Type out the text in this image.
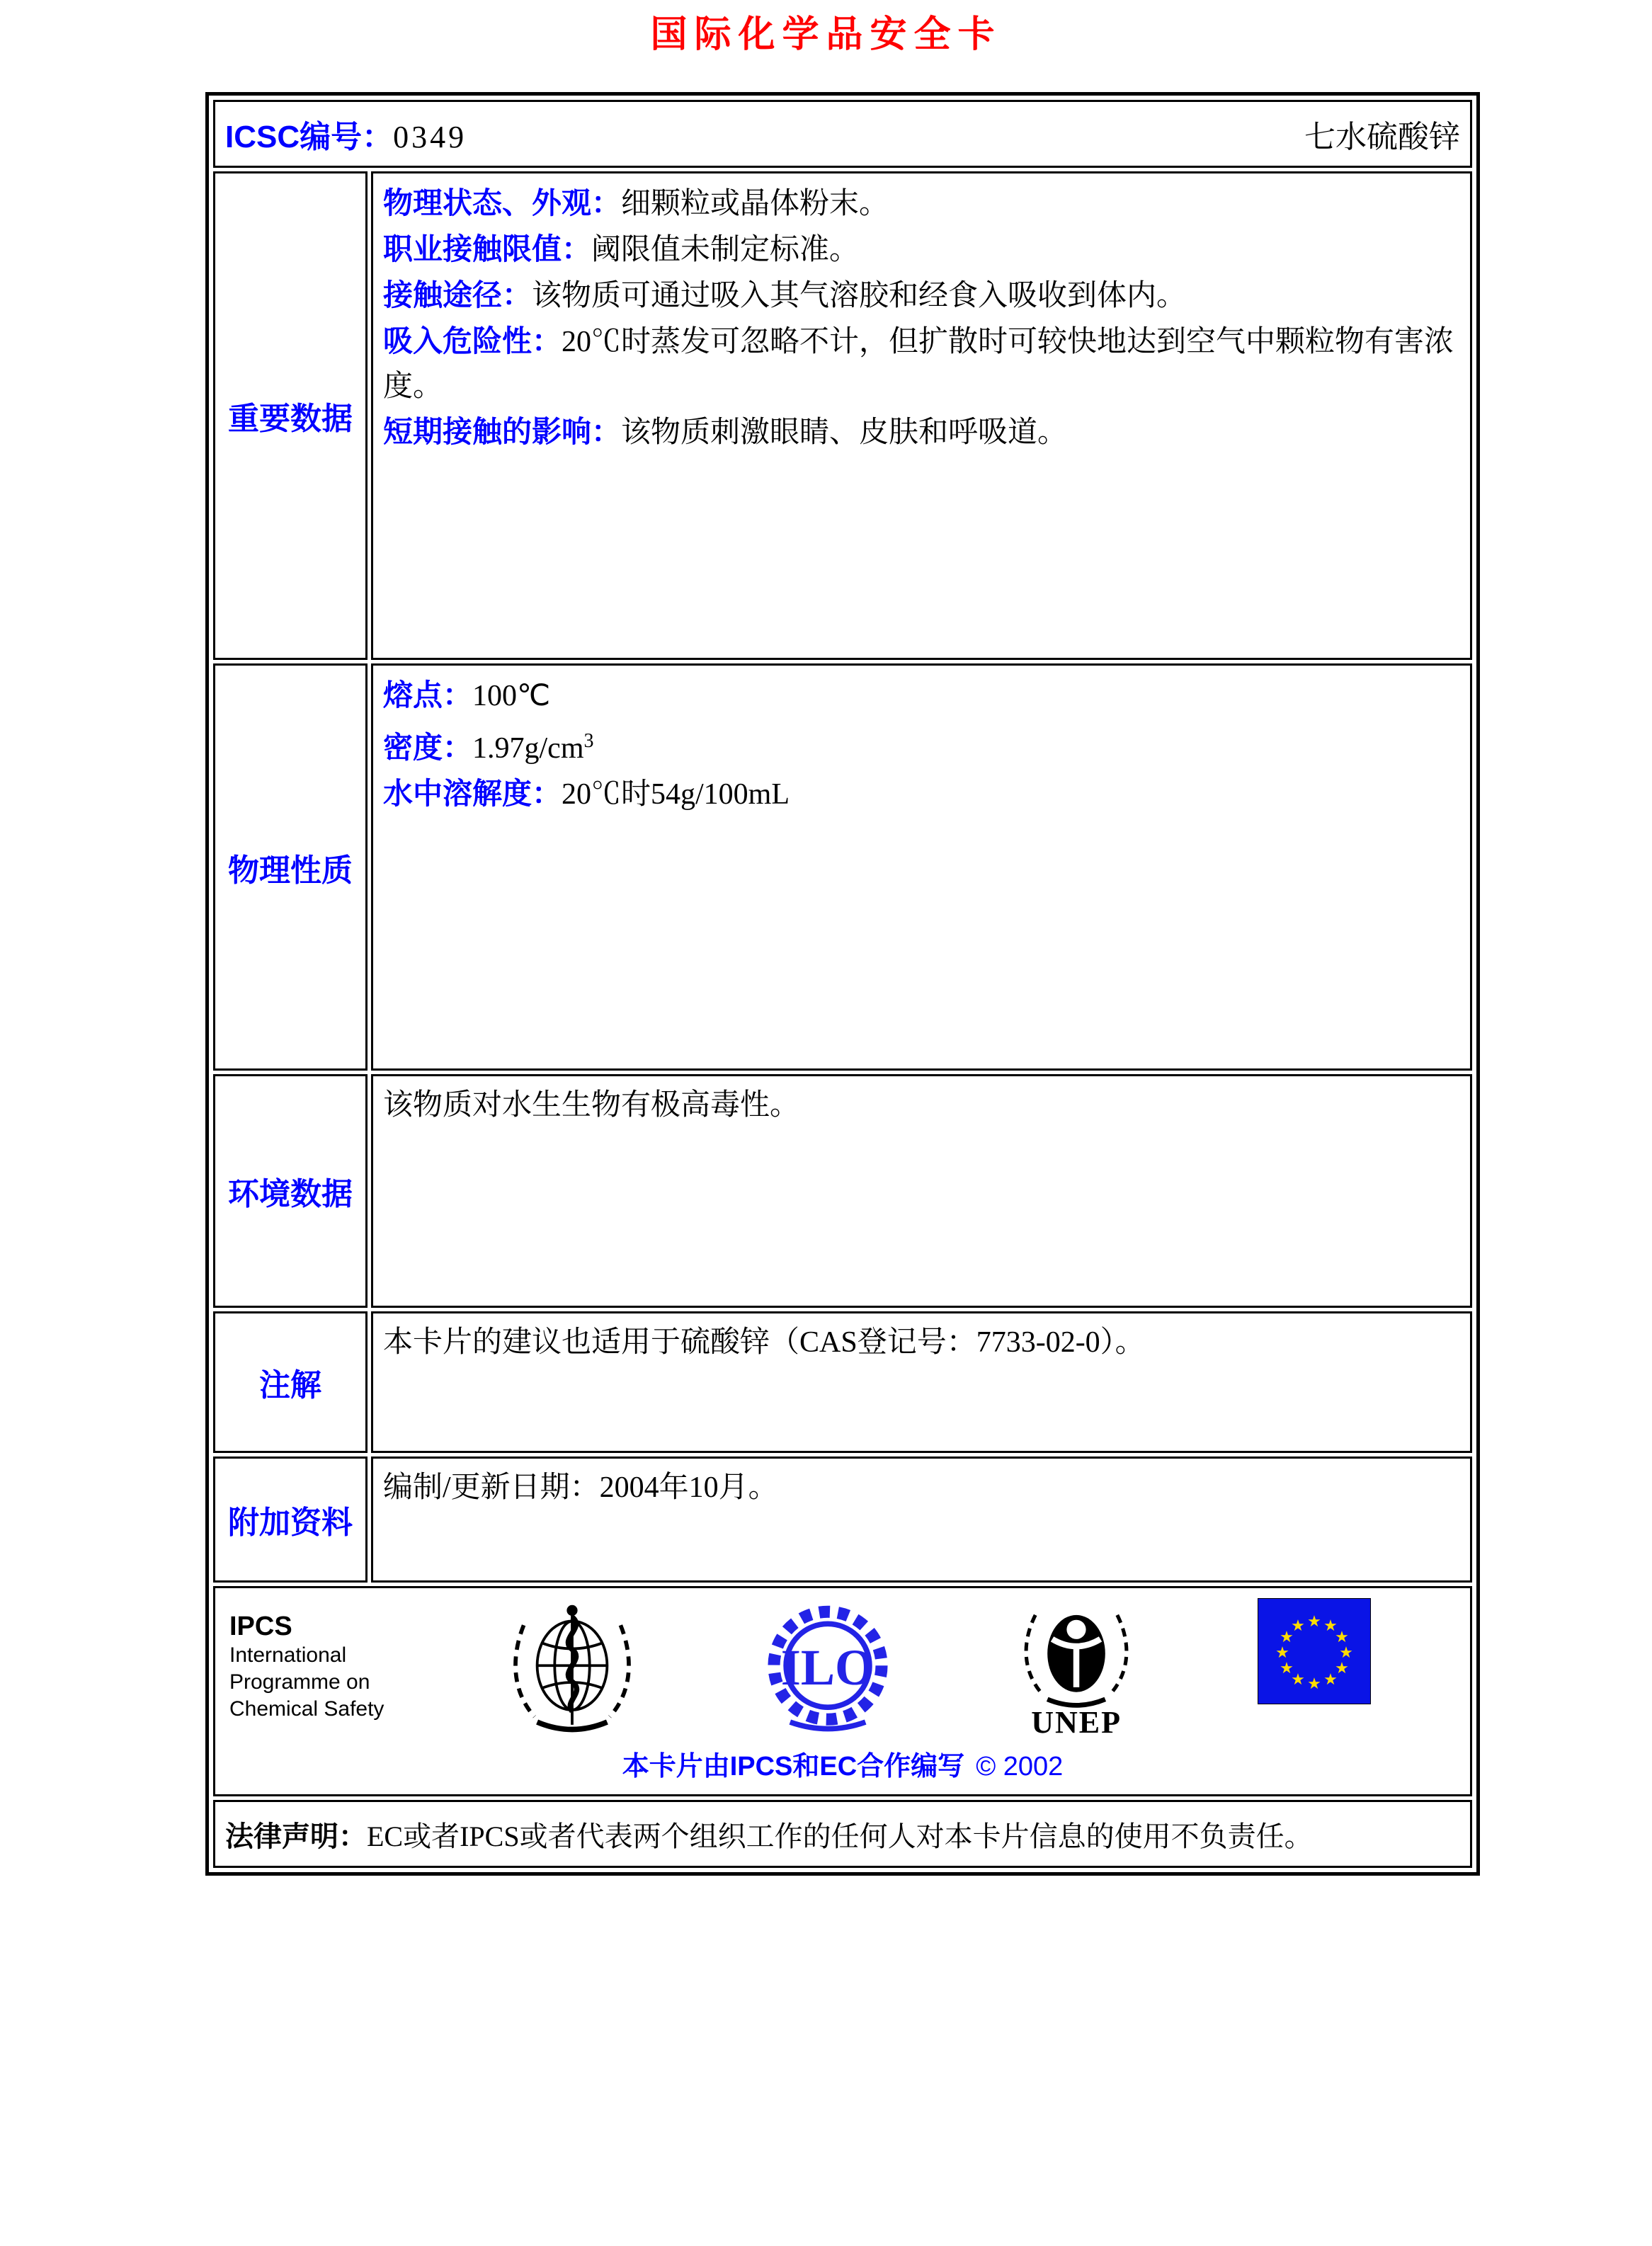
国际化学品安全卡
ICSC编号：0349	七水硫酸锌
重要数据
物理状态、外观：细颗粒或晶体粉末。
职业接触限值：阈限值未制定标准。
接触途径：该物质可通过吸入其气溶胶和经食入吸收到体内。
吸入危险性：20℃时蒸发可忽略不计，但扩散时可较快地达到空气中颗粒物有害浓度。
短期接触的影响：该物质刺激眼睛、皮肤和呼吸道。
物理性质
熔点：100℃
密度：$1.97g/cm^3$
水中溶解度：20℃时54g/100mL
环境数据
该物质对水生生物有极高毒性。
注解
本卡片的建议也适用于硫酸锌（CAS登记号：7733-02-0）。
附加资料
编制/更新日期：2004年10月。
IPCS
International
Programme on
Chemical Safety
ILO
UNEP
★ ★
★
★
★
★
★
★
★
★
★
★
本卡片由IPCS和EC合作编写 © 2002
法律声明：EC或者IPCS或者代表两个组织工作的任何人对本卡片信息的使用不负责任。
